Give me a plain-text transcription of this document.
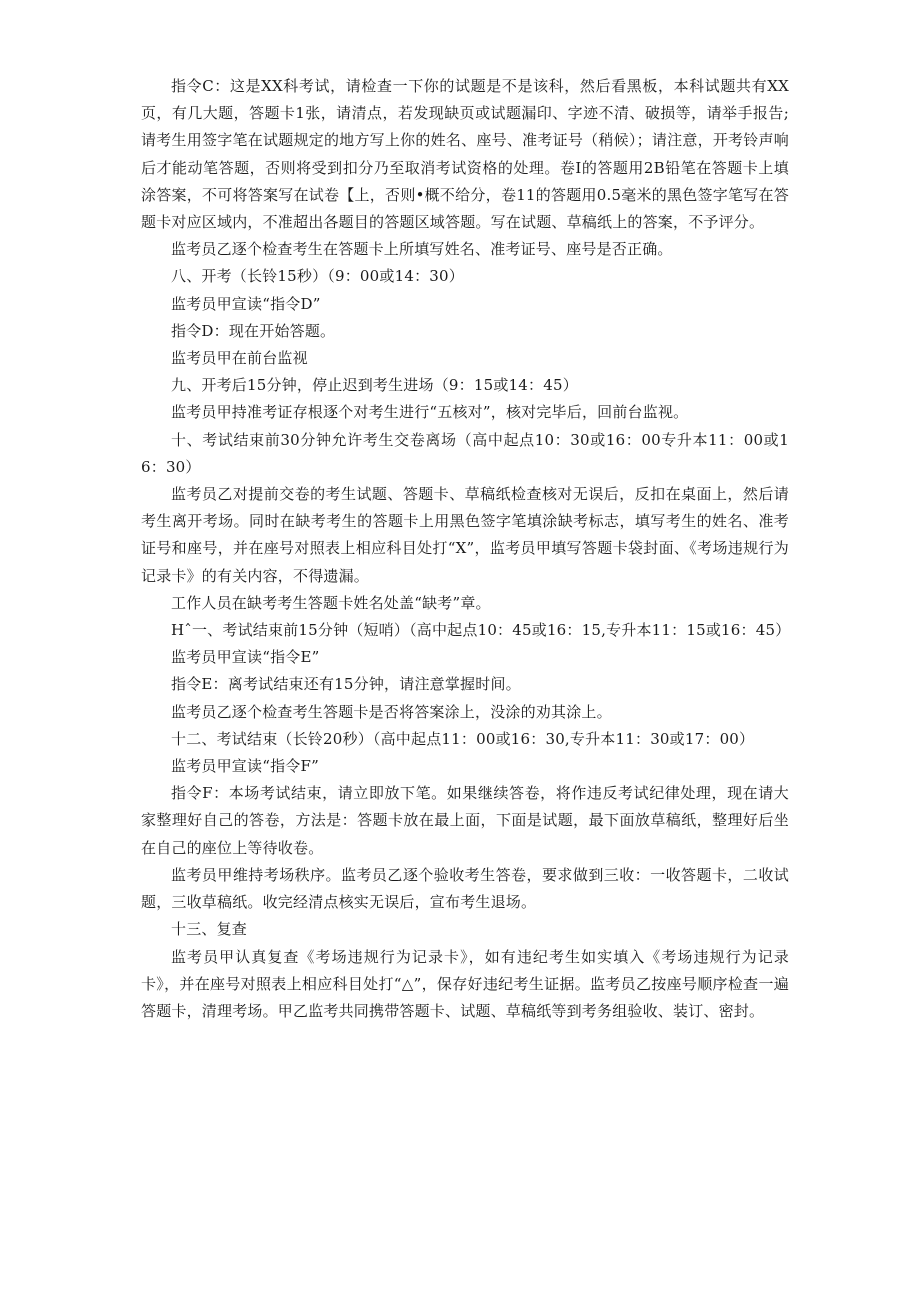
指令C：这是XX科考试，请检查一下你的试题是不是该科，然后看黑板，本科试题共有XX页，有几大题，答题卡1张，请清点，若发现缺页或试题漏印、字迹不清、破损等，请举手报告;请考生用签字笔在试题规定的地方写上你的姓名、座号、准考证号（稍候）；请注意，开考铃声响后才能动笔答题，否则将受到扣分乃至取消考试资格的处理。卷I的答题用2B铅笔在答题卡上填涂答案，不可将答案写在试卷【上，否则•概不给分，卷11的答题用0.5毫米的黑色签字笔写在答题卡对应区域内，不准超出各题目的答题区域答题。写在试题、草稿纸上的答案，不予评分。

监考员乙逐个检查考生在答题卡上所填写姓名、准考证号、座号是否正确。

八、开考（长铃15秒）（9：00或14：30）

监考员甲宣读“指令D”

指令D：现在开始答题。

监考员甲在前台监视

九、开考后15分钟，停止迟到考生进场（9：15或14：45）

监考员甲持准考证存根逐个对考生进行“五核对”，核对完毕后，回前台监视。

十、考试结束前30分钟允许考生交卷离场（高中起点10：30或16：00专升本11：00或16：30）

监考员乙对提前交卷的考生试题、答题卡、草稿纸检查核对无误后，反扣在桌面上，然后请考生离开考场。同时在缺考考生的答题卡上用黑色签字笔填涂缺考标志，填写考生的姓名、准考证号和座号，并在座号对照表上相应科目处打“X”，监考员甲填写答题卡袋封面、《考场违规行为记录卡》的有关内容，不得遗漏。

工作人员在缺考考生答题卡姓名处盖“缺考”章。

Hˆ一、考试结束前15分钟（短哨）（高中起点10：45或16：15,专升本11：15或16：45）

监考员甲宣读“指令E”

指令E：离考试结束还有15分钟，请注意掌握时间。

监考员乙逐个检查考生答题卡是否将答案涂上，没涂的劝其涂上。

十二、考试结束（长铃20秒）（高中起点11：00或16：30,专升本11：30或17：00）

监考员甲宣读“指令F”

指令F：本场考试结束，请立即放下笔。如果继续答卷，将作违反考试纪律处理，现在请大家整理好自己的答卷，方法是：答题卡放在最上面，下面是试题，最下面放草稿纸，整理好后坐在自己的座位上等待收卷。

监考员甲维持考场秩序。监考员乙逐个验收考生答卷，要求做到三收：一收答题卡，二收试题，三收草稿纸。收完经清点核实无误后，宣布考生退场。

十三、复查

监考员甲认真复查《考场违规行为记录卡》，如有违纪考生如实填入《考场违规行为记录卡》，并在座号对照表上相应科目处打“△”，保存好违纪考生证据。监考员乙按座号顺序检查一遍答题卡，清理考场。甲乙监考共同携带答题卡、试题、草稿纸等到考务组验收、装订、密封。
